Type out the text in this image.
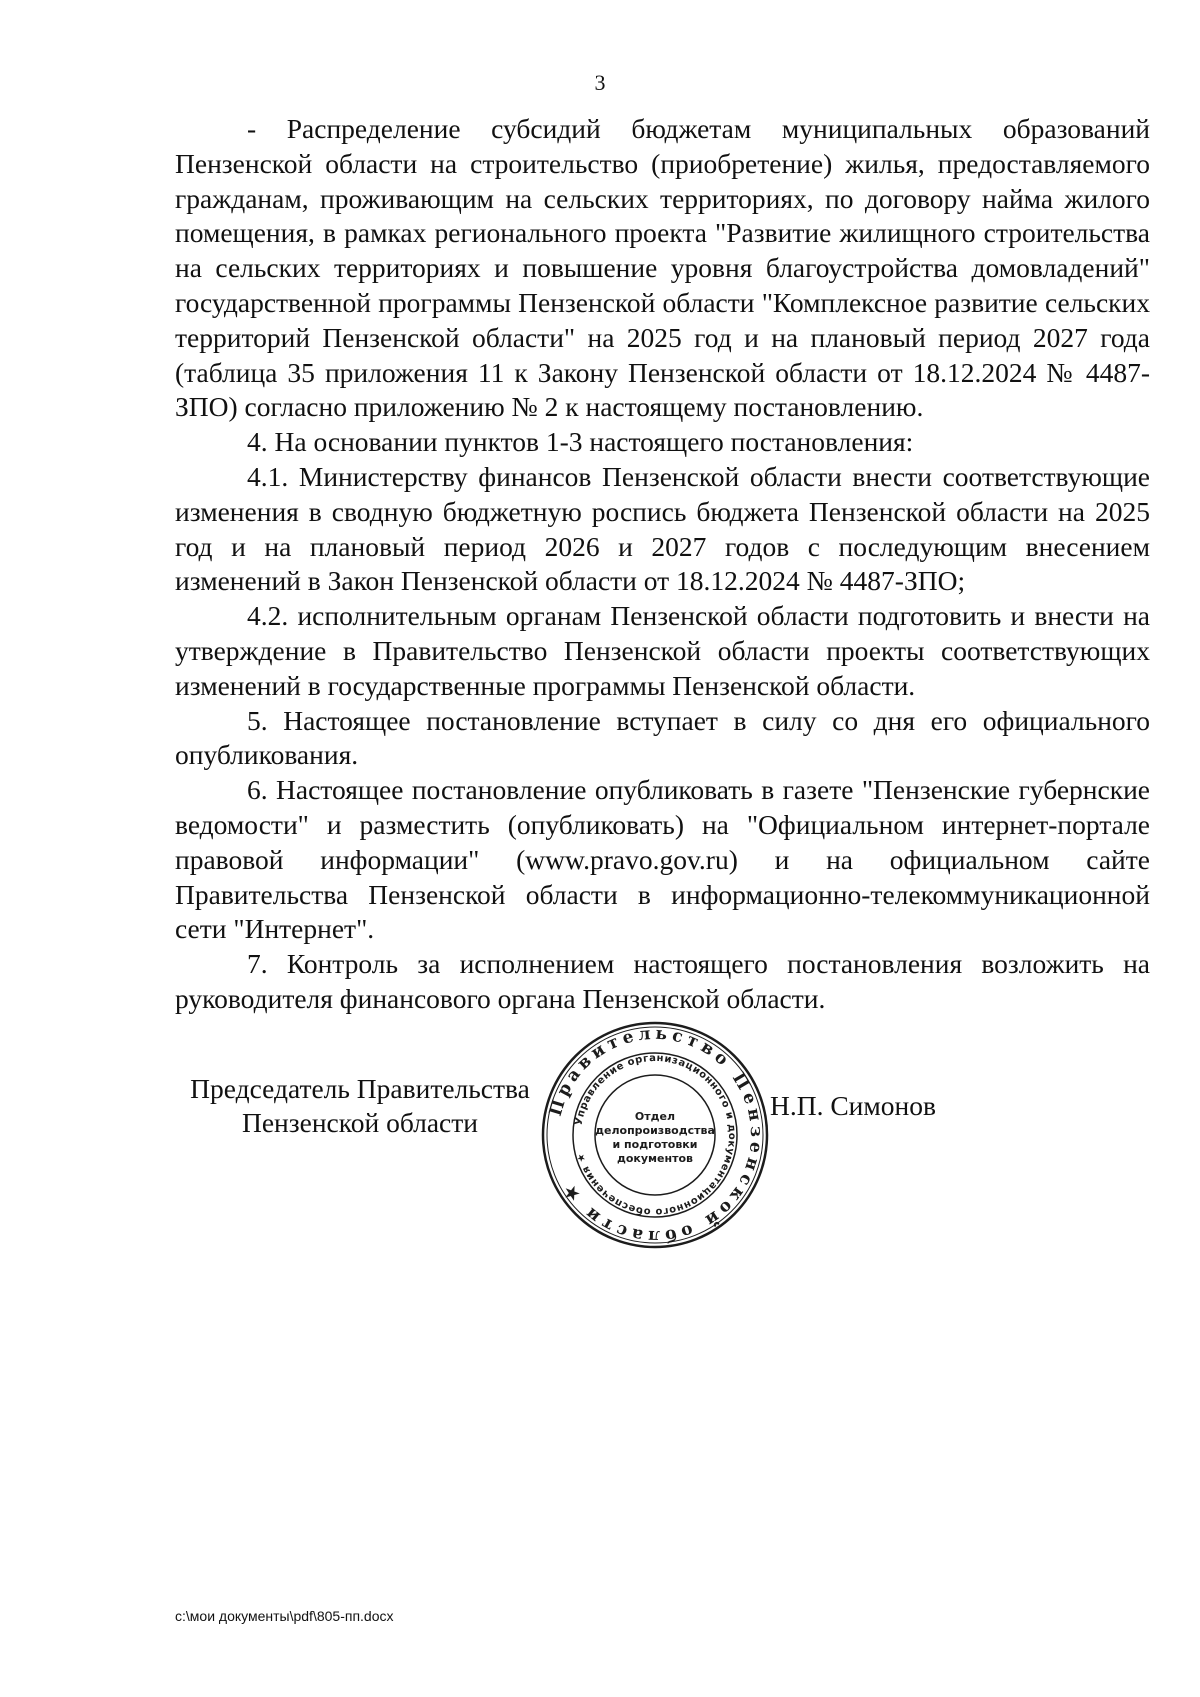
3

- Распределение субсидий бюджетам муниципальных образований Пензенской области на строительство (приобретение) жилья, предоставляемого гражданам, проживающим на сельских территориях, по договору найма жилого помещения, в рамках регионального проекта "Развитие жилищного строительства на сельских территориях и повышение уровня благоустройства домовладений" государственной программы Пензенской области "Комплексное развитие сельских территорий Пензенской области" на 2025 год и на плановый период 2027 года (таблица 35 приложения 11 к Закону Пензенской области от 18.12.2024 № 4487-ЗПО) согласно приложению № 2 к настоящему постановлению.

4. На основании пунктов 1-3 настоящего постановления:

4.1. Министерству финансов Пензенской области внести соответствующие изменения в сводную бюджетную роспись бюджета Пензенской области на 2025 год и на плановый период 2026 и 2027 годов с последующим внесением изменений в Закон Пензенской области от 18.12.2024 № 4487-ЗПО;

4.2. исполнительным органам Пензенской области подготовить и внести на утверждение в Правительство Пензенской области проекты соответствующих изменений в государственные программы Пензенской области.

5. Настоящее постановление вступает в силу со дня его официального опубликования.

6. Настоящее постановление опубликовать в газете "Пензенские губернские ведомости" и разместить (опубликовать) на "Официальном интернет-портале правовой информации" (www.pravo.gov.ru) и на официальном сайте Правительства Пензенской области в информационно-телекоммуникационной сети "Интернет".

7. Контроль за исполнением настоящего постановления возложить на руководителя финансового органа Пензенской области.

Председатель Правительства
Пензенской области
Правительство Пензенской области ★
Управление организационного и документационного обеспечения ★
Отдел
делопроизводства
и подготовки
документов
Н.П. Симонов
c:\мои документы\pdf\805-пп.docx
